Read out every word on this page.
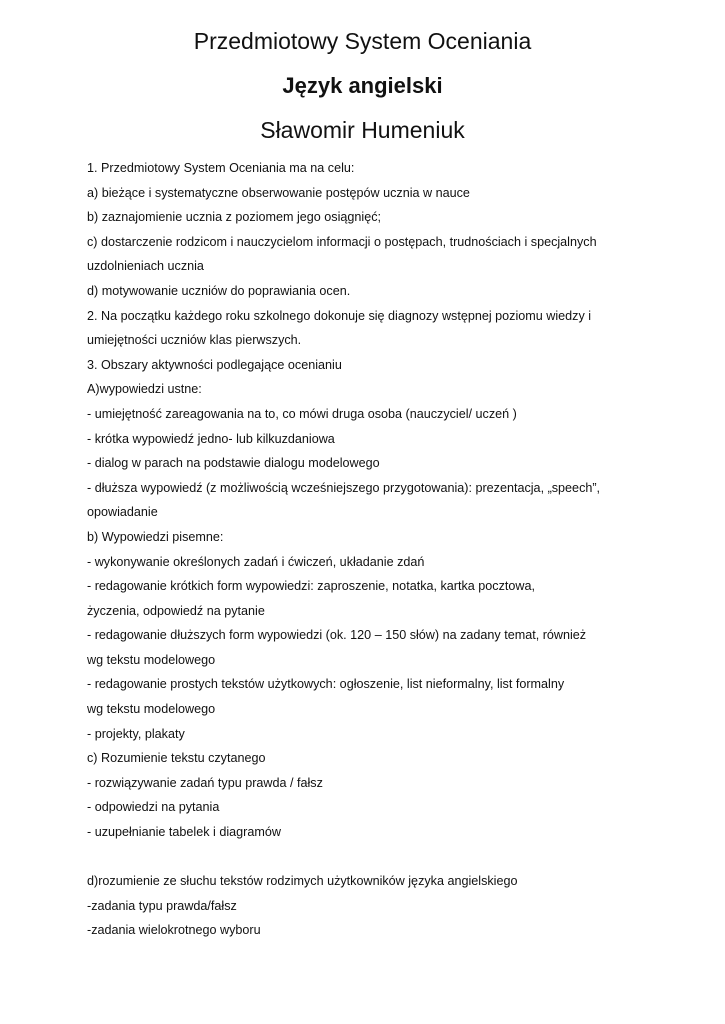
Przedmiotowy System Oceniania
Język angielski
Sławomir Humeniuk
1. Przedmiotowy System Oceniania ma na celu:
a) bieżące i systematyczne obserwowanie postępów ucznia w nauce
b) zaznajomienie ucznia z poziomem jego osiągnięć;
c) dostarczenie rodzicom i nauczycielom informacji o postępach, trudnościach i specjalnych
uzdolnieniach ucznia
d) motywowanie uczniów do poprawiania ocen.
2. Na początku każdego roku szkolnego dokonuje się diagnozy wstępnej poziomu wiedzy i
umiejętności uczniów klas pierwszych.
3. Obszary aktywności podlegające ocenianiu
A)wypowiedzi ustne:
- umiejętność zareagowania na to, co mówi druga osoba (nauczyciel/ uczeń )
- krótka wypowiedź jedno- lub kilkuzdaniowa
- dialog w parach na podstawie dialogu modelowego
- dłuższa wypowiedź (z możliwością wcześniejszego przygotowania): prezentacja, „speech”,
opowiadanie
b) Wypowiedzi pisemne:
- wykonywanie określonych zadań i ćwiczeń, układanie zdań
- redagowanie krótkich form wypowiedzi: zaproszenie, notatka, kartka pocztowa,
życzenia, odpowiedź na pytanie
- redagowanie dłuższych form wypowiedzi (ok. 120 – 150 słów) na zadany temat, również
wg tekstu modelowego
- redagowanie prostych tekstów użytkowych: ogłoszenie, list nieformalny, list formalny
wg tekstu modelowego
- projekty, plakaty
c) Rozumienie tekstu czytanego
- rozwiązywanie zadań typu prawda / fałsz
- odpowiedzi na pytania
- uzupełnianie tabelek i diagramów
d)rozumienie ze słuchu tekstów rodzimych użytkowników języka angielskiego
-zadania typu prawda/fałsz
-zadania wielokrotnego wyboru
